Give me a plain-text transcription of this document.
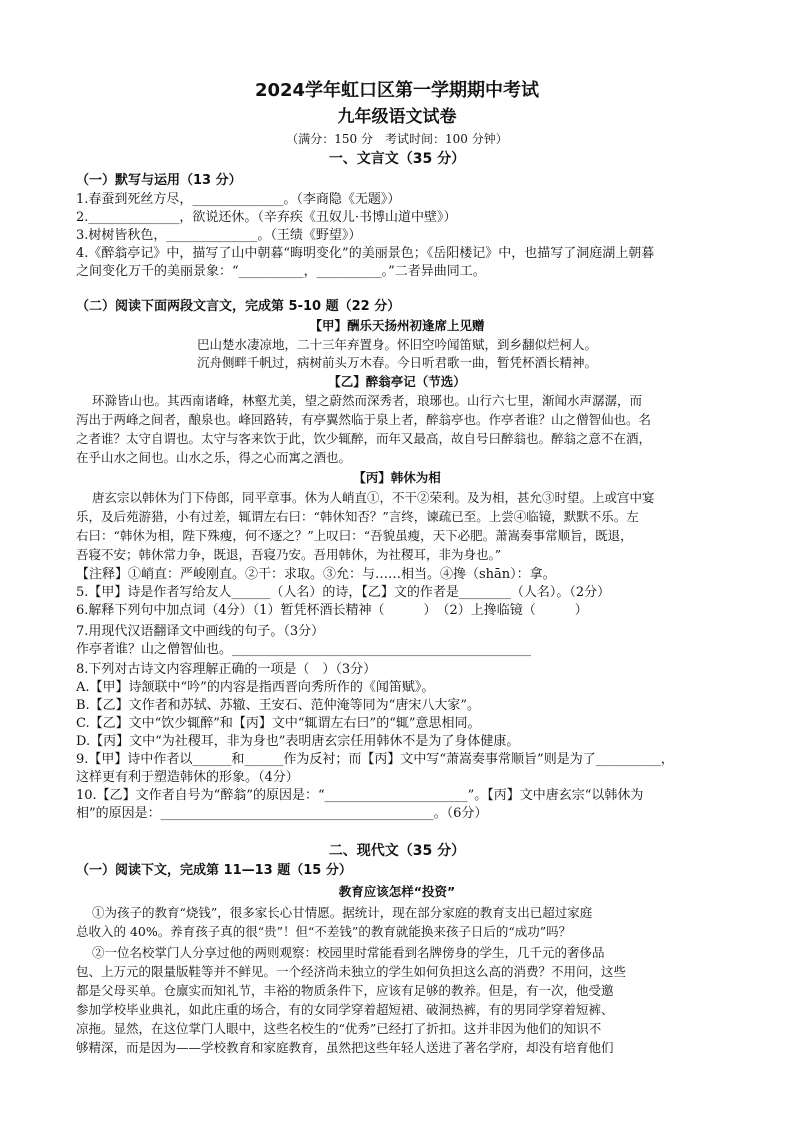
2024学年虹口区第一学期期中考试
九年级语文试卷
（满分：150 分　考试时间：100 分钟）
一、文言文（35 分）
（一）默写与运用（13 分）
1.春蚕到死丝方尽，______________。（李商隐《无题》）
2.______________，欲说还休。（辛弃疾《丑奴儿·书博山道中壁》）
3.树树皆秋色，______________。（王绩《野望》）
4.《醉翁亭记》中，描写了山中朝暮“晦明变化”的美丽景色；《岳阳楼记》中，也描写了洞庭湖上朝暮
之间变化万千的美丽景象：“__________，__________。”二者异曲同工。
（二）阅读下面两段文言文，完成第 5-10 题（22 分）
【甲】酬乐天扬州初逢席上见赠
巴山楚水凄凉地，二十三年弃置身。怀旧空吟闻笛赋，到乡翻似烂柯人。
沉舟侧畔千帆过，病树前头万木春。今日听君歌一曲，暂凭杯酒长精神。
【乙】醉翁亭记（节选）
环滁皆山也。其西南诸峰，林壑尤美，望之蔚然而深秀者，琅琊也。山行六七里，渐闻水声潺潺，而
泻出于两峰之间者，酿泉也。峰回路转，有亭翼然临于泉上者，醉翁亭也。作亭者谁？山之僧智仙也。名
之者谁？太守自谓也。太守与客来饮于此，饮少辄醉，而年又最高，故自号曰醉翁也。醉翁之意不在酒，
在乎山水之间也。山水之乐，得之心而寓之酒也。
【丙】韩休为相
唐玄宗以韩休为门下侍郎，同平章事。休为人峭直①，不干②荣利。及为相，甚允③时望。上或宫中宴
乐，及后苑游猎，小有过差，辄谓左右曰：“韩休知否？”言终，谏疏已至。上尝④临镜，默默不乐。左
右曰：“韩休为相，陛下殊瘦，何不逐之？”上叹曰：“吾貌虽瘦，天下必肥。萧嵩奏事常顺旨，既退，
吾寝不安；韩休常力争，既退，吾寝乃安。吾用韩休，为社稷耳，非为身也。”
【注释】①峭直：严峻刚直。②干：求取。③允：与……相当。④搀（shān）：拿。
5.【甲】诗是作者写给友人______（人名）的诗，【乙】文的作者是________（人名）。（2分）
6.解释下列句中加点词（4分）（1）暂凭杯酒长精神（　　　）　（2）上搀临镜（　　　）
7.用现代汉语翻译文中画线的句子。（3分）
作亭者谁？山之僧智仙也。______________________________________________
8.下列对古诗文内容理解正确的一项是（　）（3分）
A.【甲】诗颔联中“吟”的内容是指西晋向秀所作的《闻笛赋》。
B.【乙】文作者和苏轼、苏辙、王安石、范仲淹等同为“唐宋八大家”。
C.【乙】文中“饮少辄醉”和【丙】文中“辄谓左右曰”的“辄”意思相同。
D.【丙】文中“为社稷耳，非为身也”表明唐玄宗任用韩休不是为了身体健康。
9.【甲】诗中作者以______和______作为反衬；而【丙】文中写“萧嵩奏事常顺旨”则是为了__________，
这样更有利于塑造韩休的形象。（4分）
10.【乙】文作者自号为“醉翁”的原因是：“______________________”。【丙】文中唐玄宗“以韩休为
相”的原因是：__________________________________________。（6分）
二、现代文（35 分）
（一）阅读下文，完成第 11—13 题（15 分）
教育应该怎样“投资”
①为孩子的教育“烧钱”，很多家长心甘情愿。据统计，现在部分家庭的教育支出已超过家庭
总收入的 40%。养育孩子真的很“贵”！但“不差钱”的教育就能换来孩子日后的“成功”吗？
②一位名校掌门人分享过他的两则观察：校园里时常能看到名牌傍身的学生，几千元的奢侈品
包、上万元的限量版鞋等并不鲜见。一个经济尚未独立的学生如何负担这么高的消费？不用问，这些
都是父母买单。仓廪实而知礼节，丰裕的物质条件下，应该有足够的教养。但是，有一次，他受邀
参加学校毕业典礼，如此庄重的场合，有的女同学穿着超短裙、破洞热裤，有的男同学穿着短裤、
凉拖。显然，在这位掌门人眼中，这些名校生的“优秀”已经打了折扣。这并非因为他们的知识不
够精深，而是因为——学校教育和家庭教育，虽然把这些年轻人送进了著名学府，却没有培育他们
